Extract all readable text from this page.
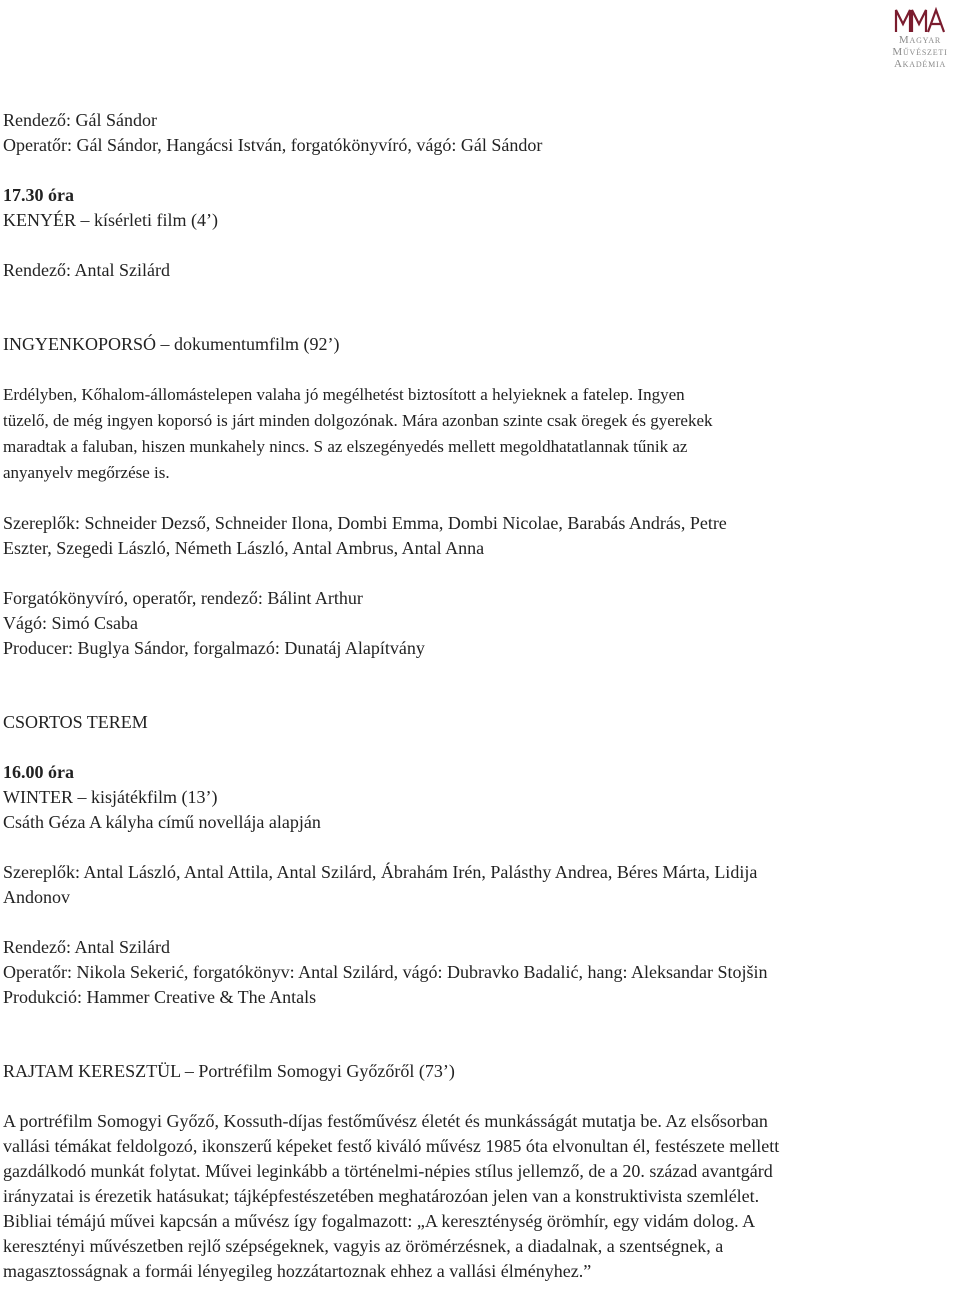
Magyar
Művészeti
Akadémia

Rendező: Gál Sándor

Operatőr: Gál Sándor, Hangácsi István, forgatókönyvíró, vágó: Gál Sándor

17.30 óra

KENYÉR – kísérleti film (4’)

Rendező: Antal Szilárd

INGYENKOPORSÓ – dokumentumfilm (92’)

Erdélyben, Kőhalom-állomástelepen valaha jó megélhetést biztosított a helyieknek a fatelep. Ingyen

tüzelő, de még ingyen koporsó is járt minden dolgozónak. Mára azonban szinte csak öregek és gyerekek

maradtak a faluban, hiszen munkahely nincs. S az elszegényedés mellett megoldhatatlannak tűnik az

anyanyelv megőrzése is.

Szereplők: Schneider Dezső, Schneider Ilona, Dombi Emma, Dombi Nicolae, Barabás András, Petre

Eszter, Szegedi László, Németh László, Antal Ambrus, Antal Anna

Forgatókönyvíró, operatőr, rendező: Bálint Arthur

Vágó: Simó Csaba

Producer: Buglya Sándor, forgalmazó: Dunatáj Alapítvány

CSORTOS TEREM

16.00 óra

WINTER – kisjátékfilm (13’)

Csáth Géza A kályha című novellája alapján

Szereplők: Antal László, Antal Attila, Antal Szilárd, Ábrahám Irén, Palásthy Andrea, Béres Márta, Lidija

Andonov

Rendező: Antal Szilárd

Operatőr: Nikola Sekerić, forgatókönyv: Antal Szilárd, vágó: Dubravko Badalić, hang: Aleksandar Stojšin

Produkció: Hammer Creative & The Antals

RAJTAM KERESZTÜL – Portréfilm Somogyi Győzőről (73’)

A portréfilm Somogyi Győző, Kossuth-díjas festőművész életét és munkásságát mutatja be. Az elsősorban

vallási témákat feldolgozó, ikonszerű képeket festő kiváló művész 1985 óta elvonultan él, festészete mellett

gazdálkodó munkát folytat. Művei leginkább a történelmi-népies stílus jellemző, de a 20. század avantgárd

irányzatai is érezetik hatásukat; tájképfestészetében meghatározóan jelen van a konstruktivista szemlélet.

Bibliai témájú művei kapcsán a művész így fogalmazott: „A kereszténység örömhír, egy vidám dolog. A

keresztényi művészetben rejlő szépségeknek, vagyis az örömérzésnek, a diadalnak, a szentségnek, a

magasztosságnak a formái lényegileg hozzátartoznak ehhez a vallási élményhez.”
